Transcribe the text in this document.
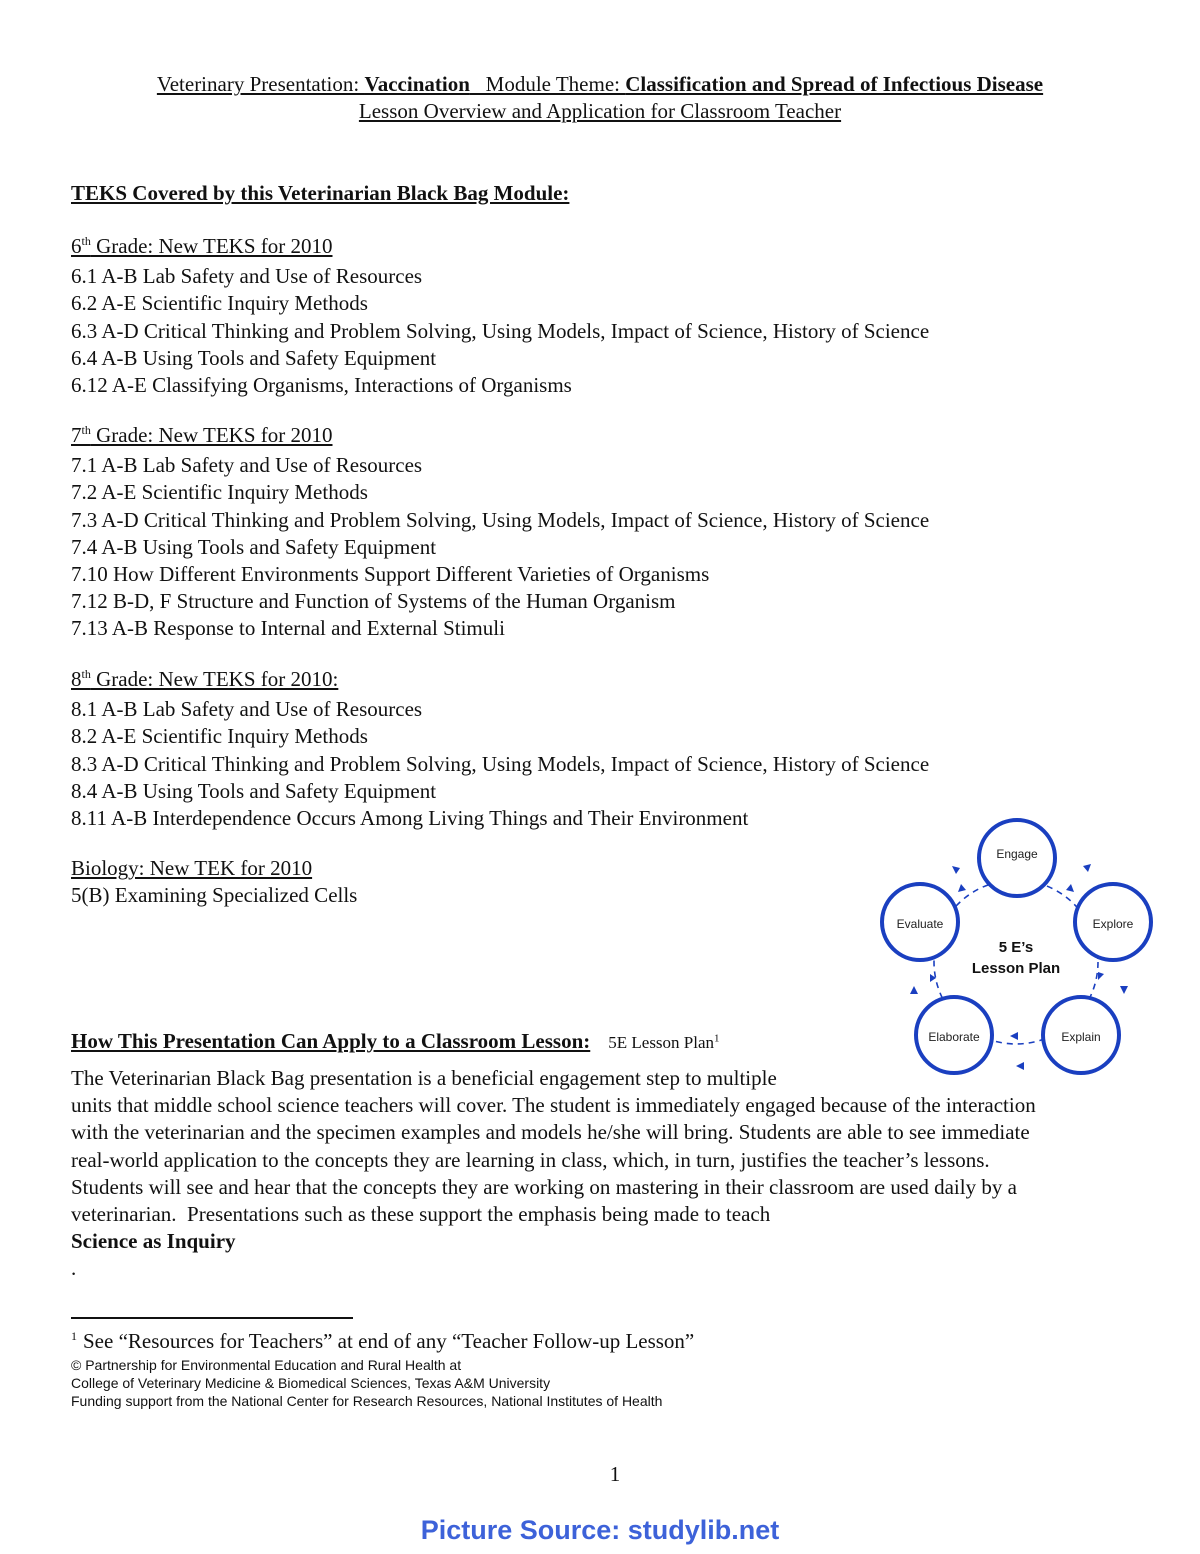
Veterinary Presentation: Vaccination   Module Theme: Classification and Spread of Infectious Disease
Lesson Overview and Application for Classroom Teacher
TEKS Covered by this Veterinarian Black Bag Module:
6th Grade: New TEKS for 2010
6.1 A-B Lab Safety and Use of Resources
6.2 A-E Scientific Inquiry Methods
6.3 A-D Critical Thinking and Problem Solving, Using Models, Impact of Science, History of Science
6.4 A-B Using Tools and Safety Equipment
6.12 A-E Classifying Organisms, Interactions of Organisms
7th Grade: New TEKS for 2010
7.1 A-B Lab Safety and Use of Resources
7.2 A-E Scientific Inquiry Methods
7.3 A-D Critical Thinking and Problem Solving, Using Models, Impact of Science, History of Science
7.4 A-B Using Tools and Safety Equipment
7.10 How Different Environments Support Different Varieties of Organisms
7.12 B-D, F Structure and Function of Systems of the Human Organism
7.13 A-B Response to Internal and External Stimuli
8th Grade: New TEKS for 2010:
8.1 A-B Lab Safety and Use of Resources
8.2 A-E Scientific Inquiry Methods
8.3 A-D Critical Thinking and Problem Solving, Using Models, Impact of Science, History of Science
8.4 A-B Using Tools and Safety Equipment
8.11 A-B Interdependence Occurs Among Living Things and Their Environment
Biology: New TEK for 2010
5(B) Examining Specialized Cells
Engage
Explore
Explain
Elaborate
Evaluate
5 E’s
Lesson Plan
How This Presentation Can Apply to a Classroom Lesson: 5E Lesson Plan$^1$
The Veterinarian Black Bag presentation is a beneficial engagement step to multiple
units that middle school science teachers will cover. The student is immediately engaged because of the interaction
with the veterinarian and the specimen examples and models he/she will bring. Students are able to see immediate
real-world application to the concepts they are learning in class, which, in turn, justifies the teacher’s lessons.
Students will see and hear that the concepts they are working on mastering in their classroom are used daily by a
veterinarian.  Presentations such as these support the emphasis being made to teach
Science as Inquiry
.
$^1$ See “Resources for Teachers” at end of any “Teacher Follow-up Lesson”
© Partnership for Environmental Education and Rural Health at
College of Veterinary Medicine & Biomedical Sciences, Texas A&M University
Funding support from the National Center for Research Resources, National Institutes of Health
1
Picture Source: studylib.net
